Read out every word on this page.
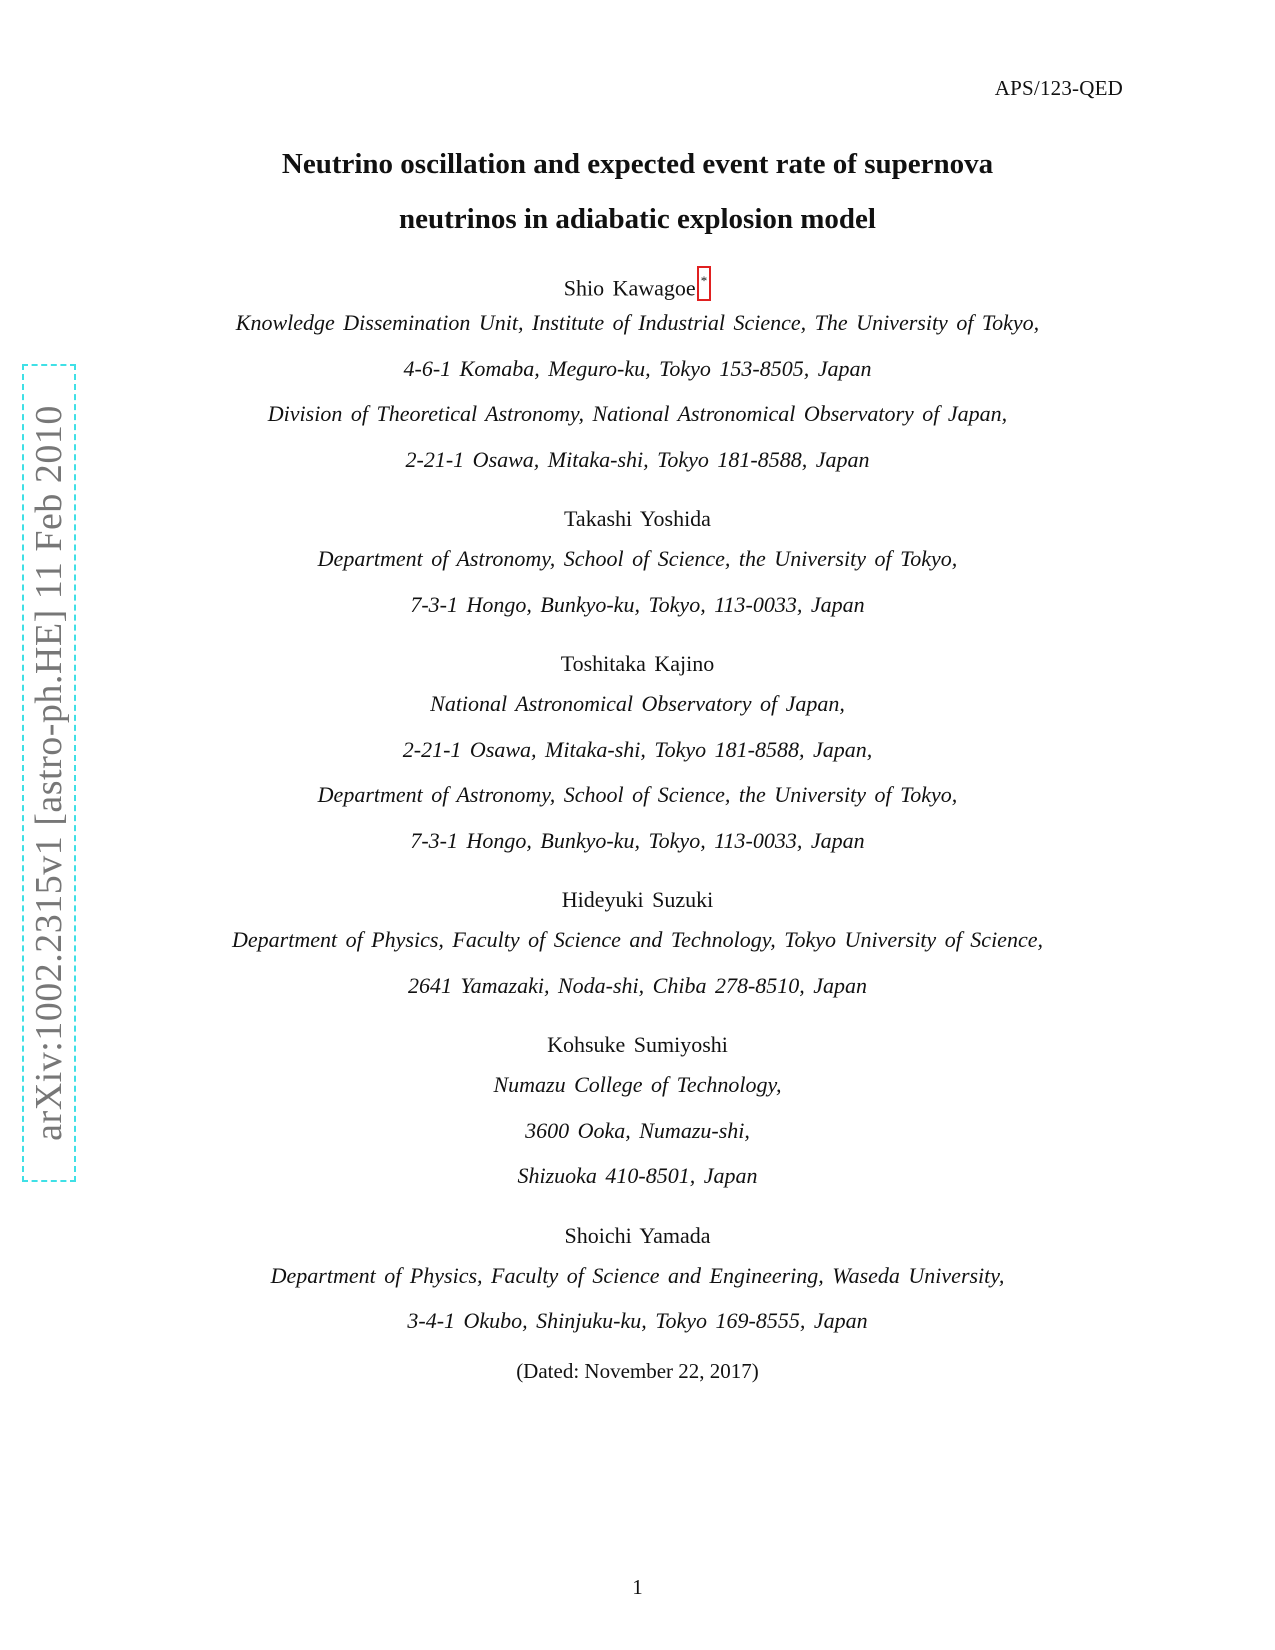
APS/123-QED
arXiv:1002.2315v1 [astro-ph.HE] 11 Feb 2010
Neutrino oscillation and expected event rate of supernova
neutrinos in adiabatic explosion model
Shio Kawagoe *
Knowledge Dissemination Unit, Institute of Industrial Science, The University of Tokyo,
4-6-1 Komaba, Meguro-ku, Tokyo 153-8505, Japan
Division of Theoretical Astronomy, National Astronomical Observatory of Japan,
2-21-1 Osawa, Mitaka-shi, Tokyo 181-8588, Japan
Takashi Yoshida
Department of Astronomy, School of Science, the University of Tokyo,
7-3-1 Hongo, Bunkyo-ku, Tokyo, 113-0033, Japan
Toshitaka Kajino
National Astronomical Observatory of Japan,
2-21-1 Osawa, Mitaka-shi, Tokyo 181-8588, Japan,
Department of Astronomy, School of Science, the University of Tokyo,
7-3-1 Hongo, Bunkyo-ku, Tokyo, 113-0033, Japan
Hideyuki Suzuki
Department of Physics, Faculty of Science and Technology, Tokyo University of Science,
2641 Yamazaki, Noda-shi, Chiba 278-8510, Japan
Kohsuke Sumiyoshi
Numazu College of Technology,
3600 Ooka, Numazu-shi,
Shizuoka 410-8501, Japan
Shoichi Yamada
Department of Physics, Faculty of Science and Engineering, Waseda University,
3-4-1 Okubo, Shinjuku-ku, Tokyo 169-8555, Japan
(Dated: November 22, 2017)
1
